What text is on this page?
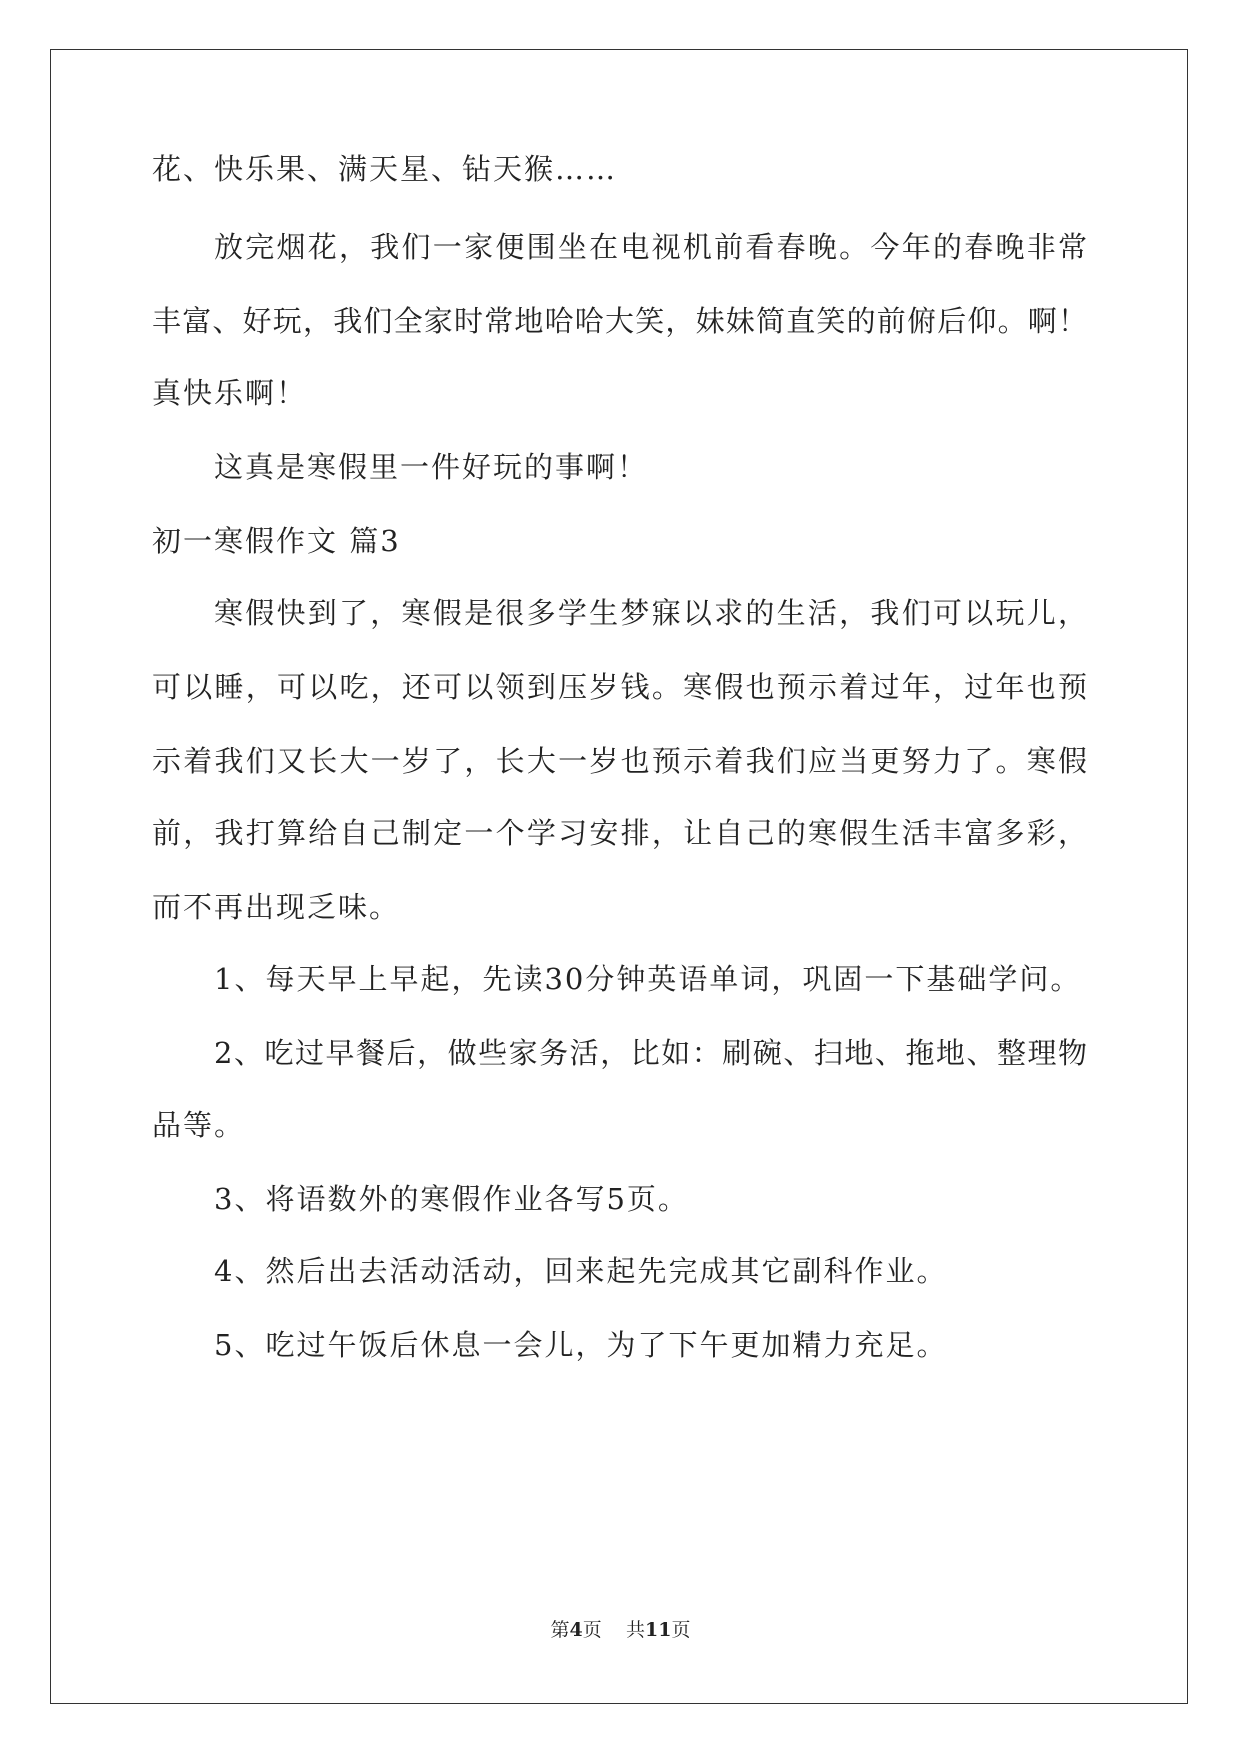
花、快乐果、满天星、钻天猴……
放完烟花，我们一家便围坐在电视机前看春晚。今年的春晚非常
丰富、好玩，我们全家时常地哈哈大笑，妹妹简直笑的前俯后仰。啊！
真快乐啊！
这真是寒假里一件好玩的事啊！
初一寒假作文 篇3
寒假快到了，寒假是很多学生梦寐以求的生活，我们可以玩儿，
可以睡，可以吃，还可以领到压岁钱。寒假也预示着过年，过年也预
示着我们又长大一岁了，长大一岁也预示着我们应当更努力了。寒假
前，我打算给自己制定一个学习安排，让自己的寒假生活丰富多彩，
而不再出现乏味。
1、每天早上早起，先读30分钟英语单词，巩固一下基础学问。
2、吃过早餐后，做些家务活，比如：刷碗、扫地、拖地、整理物
品等。
3、将语数外的寒假作业各写5页。
4、然后出去活动活动，回来起先完成其它副科作业。
5、吃过午饭后休息一会儿，为了下午更加精力充足。
第4页 共11页
